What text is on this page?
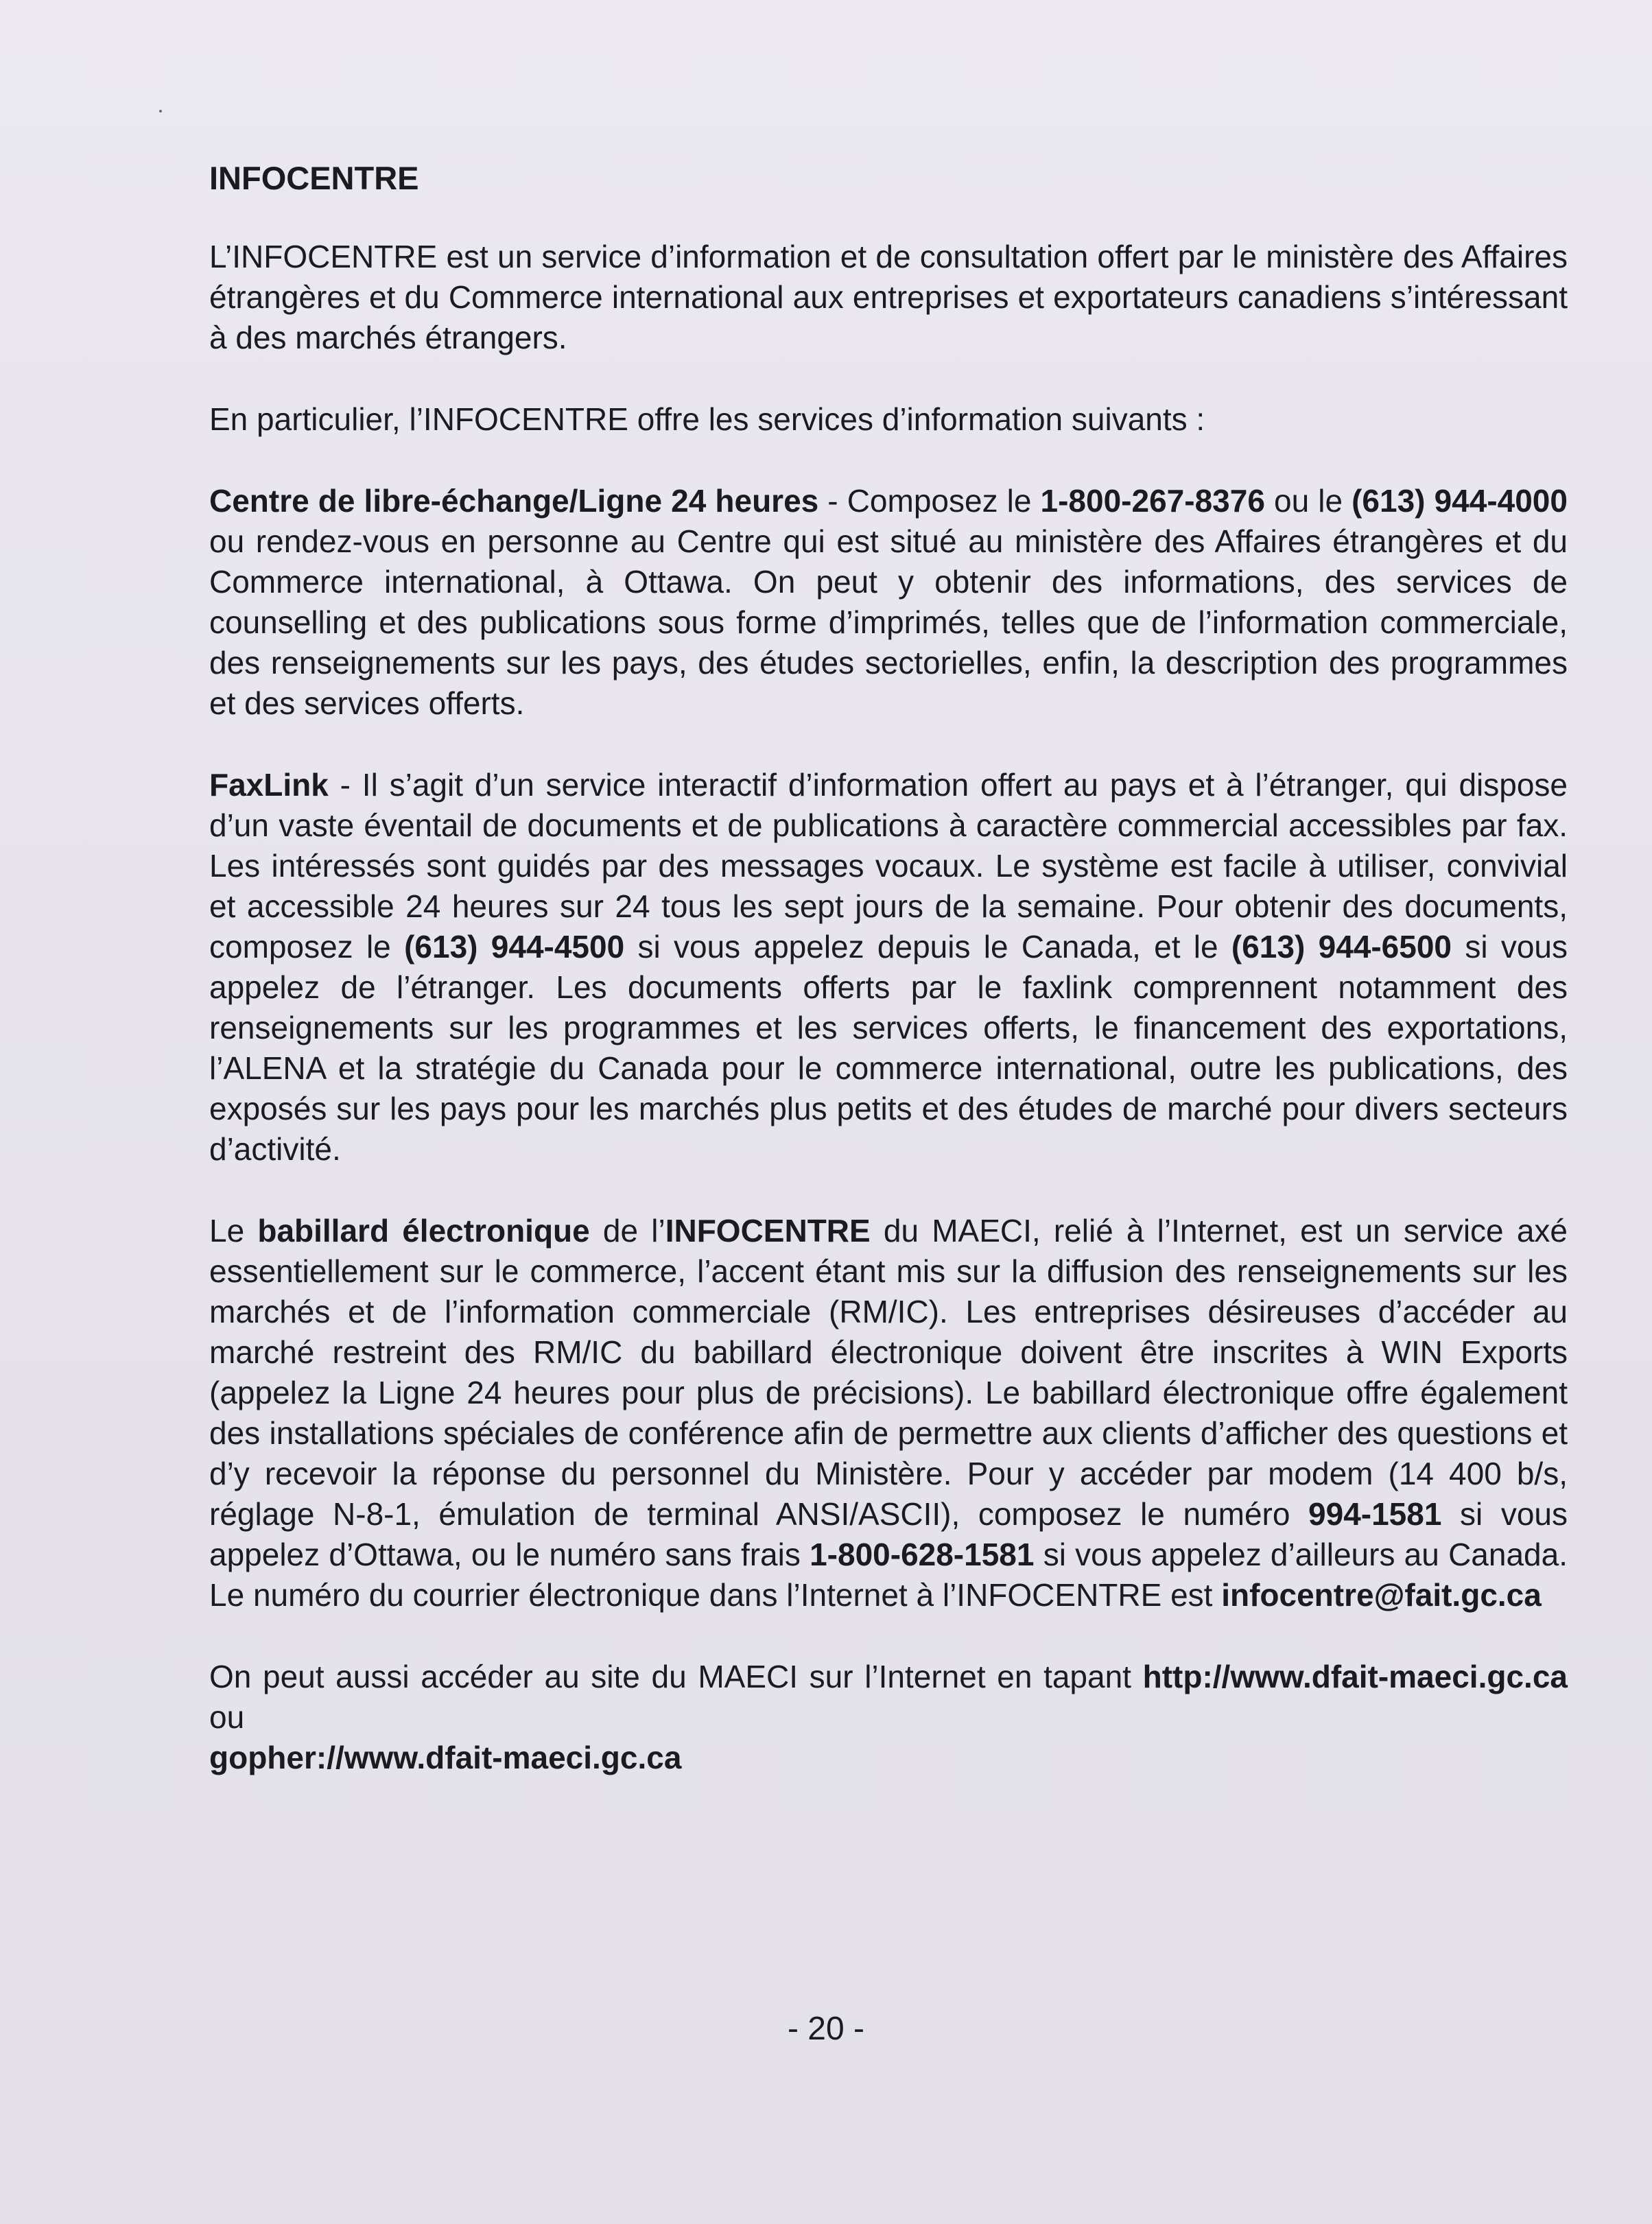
INFOCENTRE

L’INFOCENTRE est un service d’information et de consultation offert par le ministère des Affaires étrangères et du Commerce international aux entreprises et exportateurs canadiens s’intéressant à des marchés étrangers.

En particulier, l’INFOCENTRE offre les services d’information suivants :

Centre de libre-échange/Ligne 24 heures - Composez le 1-800-267-8376 ou le (613) 944-4000 ou rendez-vous en personne au Centre qui est situé au ministère des Affaires étrangères et du Commerce international, à Ottawa. On peut y obtenir des informations, des services de counselling et des publications sous forme d’imprimés, telles que de l’information commerciale, des renseignements sur les pays, des études sectorielles, enfin, la description des programmes et des services offerts.

FaxLink - Il s’agit d’un service interactif d’information offert au pays et à l’étranger, qui dispose d’un vaste éventail de documents et de publications à caractère commercial accessibles par fax. Les intéressés sont guidés par des messages vocaux. Le système est facile à utiliser, convivial et accessible 24 heures sur 24 tous les sept jours de la semaine. Pour obtenir des documents, composez le (613) 944-4500 si vous appelez depuis le Canada, et le (613) 944-6500 si vous appelez de l’étranger. Les documents offerts par le faxlink comprennent notamment des renseignements sur les programmes et les services offerts, le financement des exportations, l’ALENA et la stratégie du Canada pour le commerce international, outre les publications, des exposés sur les pays pour les marchés plus petits et des études de marché pour divers secteurs d’activité.

Le babillard électronique de l’INFOCENTRE du MAECI, relié à l’Internet, est un service axé essentiellement sur le commerce, l’accent étant mis sur la diffusion des renseignements sur les marchés et de l’information commerciale (RM/IC). Les entreprises désireuses d’accéder au marché restreint des RM/IC du babillard électronique doivent être inscrites à WIN Exports (appelez la Ligne 24 heures pour plus de précisions). Le babillard électronique offre également des installations spéciales de conférence afin de permettre aux clients d’afficher des questions et d’y recevoir la réponse du personnel du Ministère. Pour y accéder par modem (14 400 b/s, réglage N-8-1, émulation de terminal ANSI/ASCII), composez le numéro 994-1581 si vous appelez d’Ottawa, ou le numéro sans frais 1-800-628-1581 si vous appelez d’ailleurs au Canada. Le numéro du courrier électronique dans l’Internet à l’INFOCENTRE est infocentre@fait.gc.ca

On peut aussi accéder au site du MAECI sur l’Internet en tapant http://www.dfait-maeci.gc.ca ou
gopher://www.dfait-maeci.gc.ca

- 20 -
